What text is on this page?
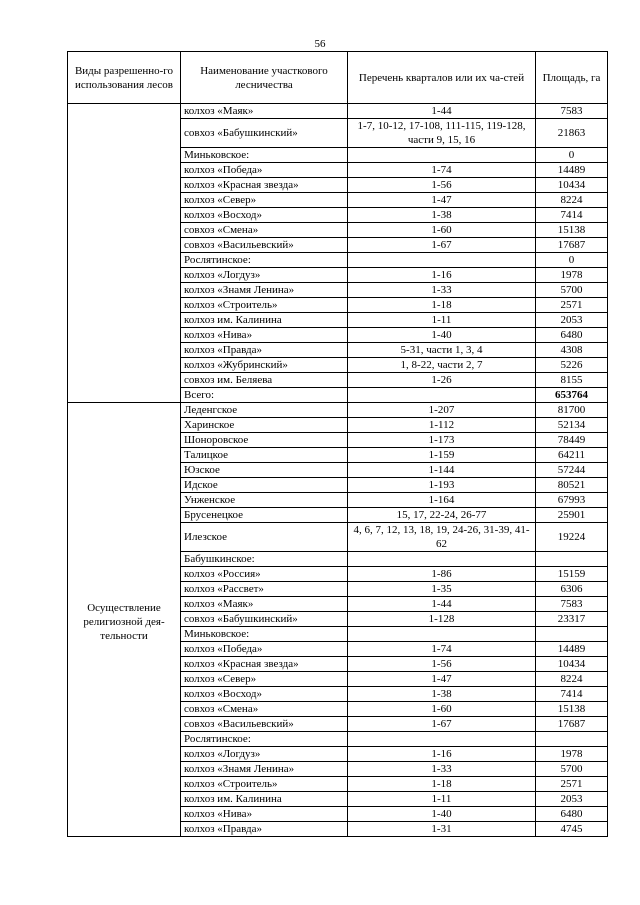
56
Виды разрешенно-го использования лесов	Наименование участкового лесничества	Перечень кварталов или их ча-стей	Площадь, га
	колхоз «Маяк»	1-44	7583
	совхоз «Бабушкинский»	1-7, 10-12, 17-108, 111-115, 119-128, части 9, 15, 16	21863
	Миньковское:		0
	колхоз «Победа»	1-74	14489
	колхоз «Красная звезда»	1-56	10434
	колхоз «Север»	1-47	8224
	колхоз «Восход»	1-38	7414
	совхоз «Смена»	1-60	15138
	совхоз «Васильевский»	1-67	17687
	Рослятинское:		0
	колхоз «Логдуз»	1-16	1978
	колхоз «Знамя Ленина»	1-33	5700
	колхоз «Строитель»	1-18	2571
	колхоз им. Калинина	1-11	2053
	колхоз «Нива»	1-40	6480
	колхоз «Правда»	5-31, части 1, 3, 4	4308
	колхоз «Жубринский»	1, 8-22, части 2, 7	5226
	совхоз им. Беляева	1-26	8155
	Всего:		653764
Осуществление религиозной дея-тельности	Леденгское	1-207	81700
	Харинское	1-112	52134
	Шоноровское	1-173	78449
	Талицкое	1-159	64211
	Юзское	1-144	57244
	Идское	1-193	80521
	Унженское	1-164	67993
	Брусенецкое	15, 17, 22-24, 26-77	25901
	Илезское	4, 6, 7, 12, 13, 18, 19, 24-26, 31-39, 41-62	19224
	Бабушкинское:		
	колхоз «Россия»	1-86	15159
	колхоз «Рассвет»	1-35	6306
	колхоз «Маяк»	1-44	7583
	совхоз «Бабушкинский»	1-128	23317
	Миньковское:		
	колхоз «Победа»	1-74	14489
	колхоз «Красная звезда»	1-56	10434
	колхоз «Север»	1-47	8224
	колхоз «Восход»	1-38	7414
	совхоз «Смена»	1-60	15138
	совхоз «Васильевский»	1-67	17687
	Рослятинское:		
	колхоз «Логдуз»	1-16	1978
	колхоз «Знамя Ленина»	1-33	5700
	колхоз «Строитель»	1-18	2571
	колхоз им. Калинина	1-11	2053
	колхоз «Нива»	1-40	6480
	колхоз «Правда»	1-31	4745
